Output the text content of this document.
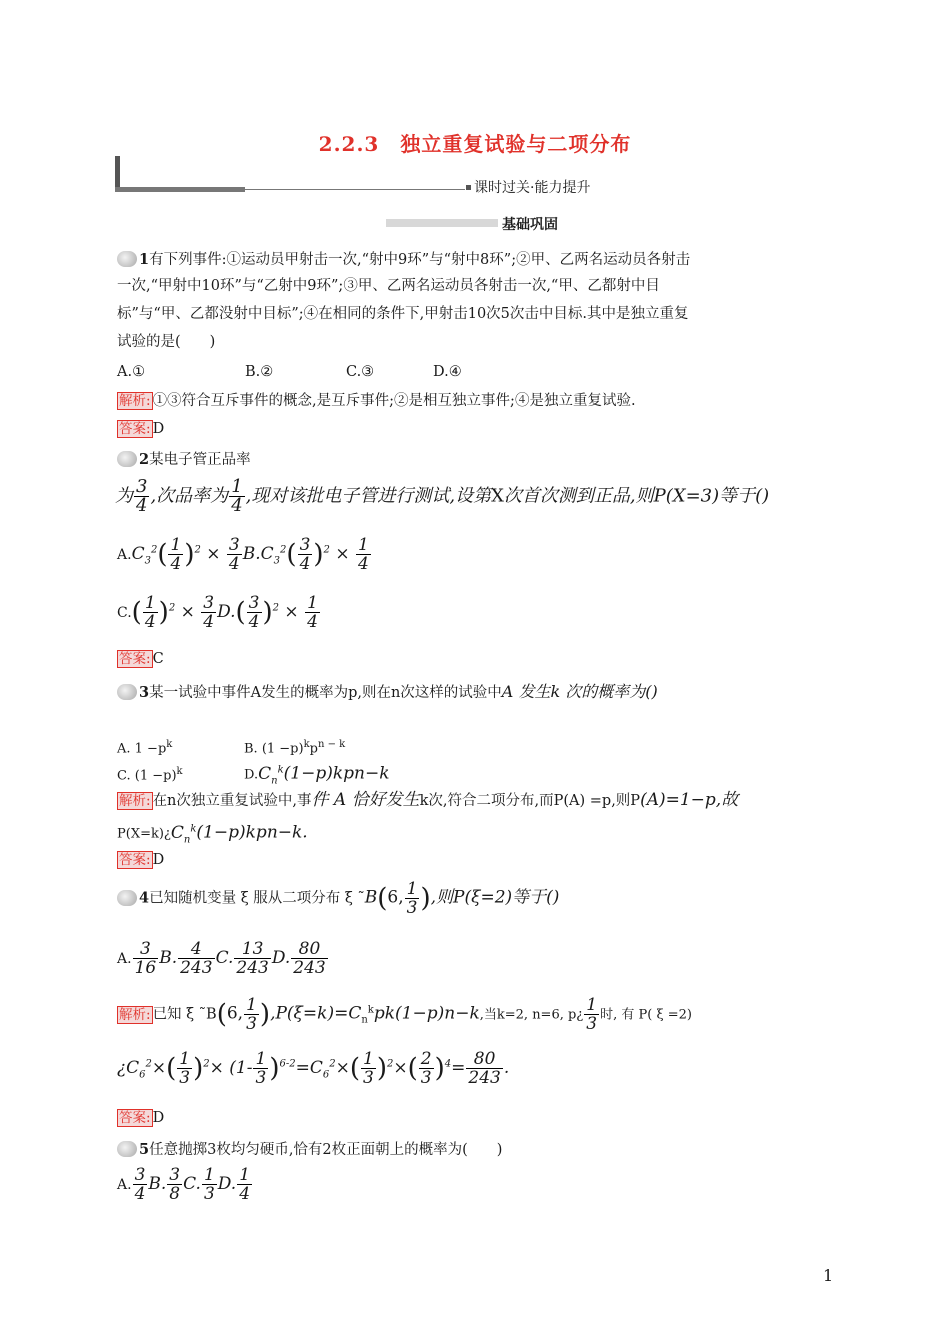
2.2.3　独立重复试验与二项分布
课时过关·能力提升
基础巩固
1有下列事件:①运动员甲射击一次,“射中9环”与“射中8环”;②甲、乙两名运动员各射击
一次,“甲射中10环”与“乙射中9环”;③甲、乙两名运动员各射击一次,“甲、乙都射中目
标”与“甲、乙都没射中目标”;④在相同的条件下,甲射击10次5次击中目标.其中是独立重复
试验的是(　　)
A.①	B.②	C.③	D.④
解析: ①③符合互斥事件的概念,是互斥事件;②是相互独立事件;④是独立重复试验.
答案: D
2某电子管正品率
为 $\frac{3}{4}$ ,次品率为 $\frac{1}{4}$ ,现对该批电子管进行测试,设第X次首次测到正品,则P(X=3)等于()
$A.C_3^2( \frac{1}{4} )^2 \times \frac{3}{4} B.C_3^2( \frac{3}{4} )^2 \times \frac{1}{4}$
$C.( \frac{1}{4} )^2 \times \frac{3}{4} D.( \frac{3}{4} )^2 \times \frac{1}{4}$
答案: C
3某一试验中事件A发生的概率为p,则在n次这样的试验中A 发生k 次的概率为()
A. $1 -p^k$	B. $(1 -p)^kp^{n - k}$
C. $(1 -p)^k$	$D.C_n^k(1-p)kpn-k$
解析: 在n次独立重复试验中,事件 A 恰好发生k次,符合二项分布,而P(A) =p,则P(A)=1−p,故
$P(X=k)¿C_n^k(1-p)kpn-k$.
答案: D
4已知随机变量 ξ 服从二项分布 ξ ˜B(6, $\frac{1}{3}$ ),则P(ξ=2)等于()
A. $\frac{3}{16} B$. $\frac{4}{243} C$. $\frac{13}{243} D$. $\frac{80}{243}$
解析: 已知 ξ ˜B(6, $\frac{1}{3} ),P(\xi=k)=C_n^kpk(1-p)n-k$,当k=2, n=6, p¿ $\frac{1}{3}$ 时, 有 P( ξ =2)
¿$C_6^2\times( \frac{1}{3} )^2\times (1- \frac{1}{3} )^{6-2}=C_6^2\times( \frac{1}{3} )^2\times( \frac{2}{3} )^4= \frac{80}{243}$ .
答案: D
5任意抛掷3枚均匀硬币,恰有2枚正面朝上的概率为(　　)
A. $\frac{3}{4} B$. $\frac{3}{8} C$. $\frac{1}{3} D$. $\frac{1}{4}$
1
